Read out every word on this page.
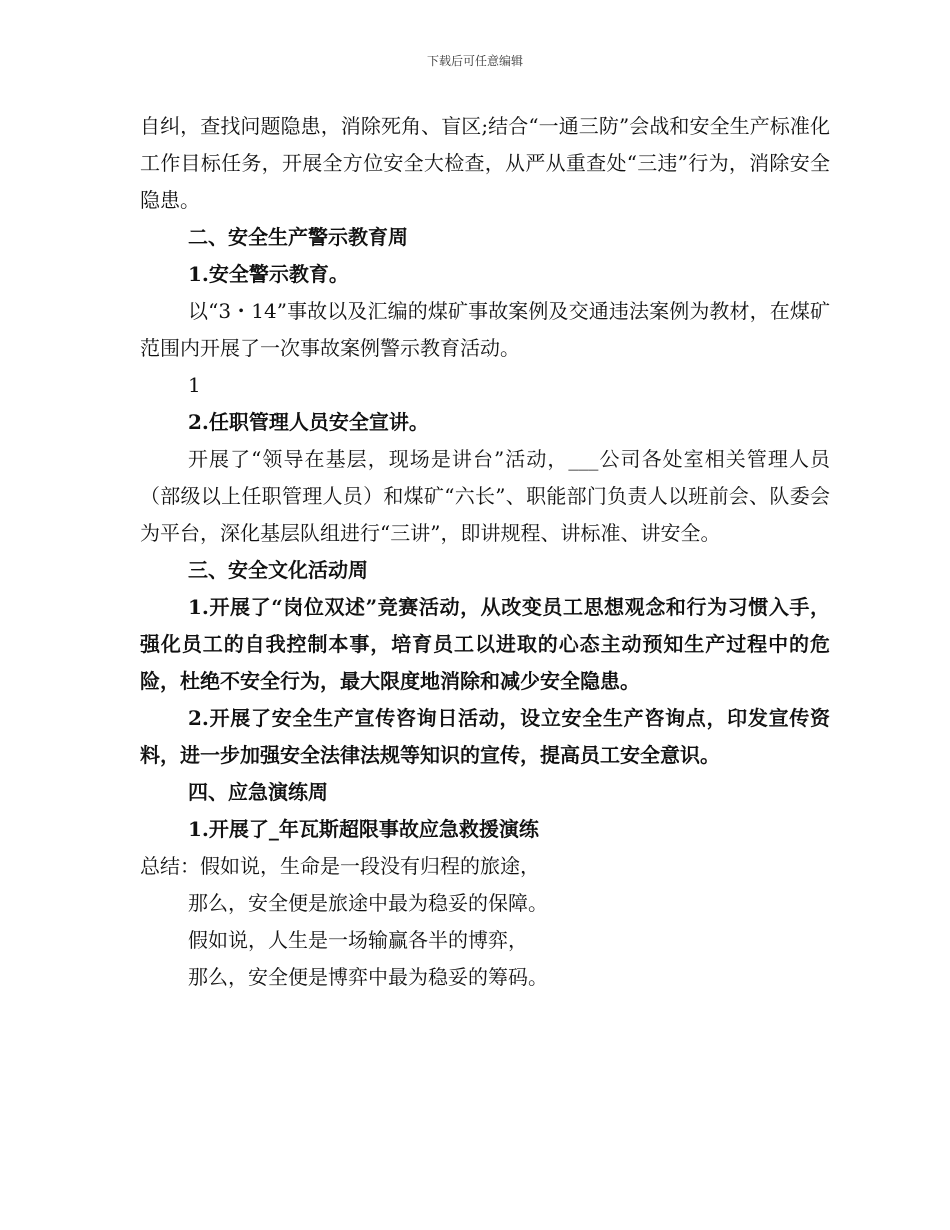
下载后可任意编辑

自纠，查找问题隐患，消除死角、盲区;结合“一通三防”会战和安全生产标准化工作目标任务，开展全方位安全大检查，从严从重查处“三违”行为，消除安全隐患。

二、安全生产警示教育周

1.安全警示教育。

以“3・14”事故以及汇编的煤矿事故案例及交通违法案例为教材，在煤矿范围内开展了一次事故案例警示教育活动。

1

2.任职管理人员安全宣讲。

开展了“领导在基层，现场是讲台”活动，___公司各处室相关管理人员（部级以上任职管理人员）和煤矿“六长”、职能部门负责人以班前会、队委会为平台，深化基层队组进行“三讲”，即讲规程、讲标准、讲安全。

三、安全文化活动周

1.开展了“岗位双述”竞赛活动，从改变员工思想观念和行为习惯入手，强化员工的自我控制本事，培育员工以进取的心态主动预知生产过程中的危险，杜绝不安全行为，最大限度地消除和减少安全隐患。

2.开展了安全生产宣传咨询日活动，设立安全生产咨询点，印发宣传资料，进一步加强安全法律法规等知识的宣传，提高员工安全意识。

四、应急演练周

1.开展了_年瓦斯超限事故应急救援演练

总结：假如说，生命是一段没有归程的旅途，

那么，安全便是旅途中最为稳妥的保障。

假如说，人生是一场输赢各半的博弈，

那么，安全便是博弈中最为稳妥的筹码。
